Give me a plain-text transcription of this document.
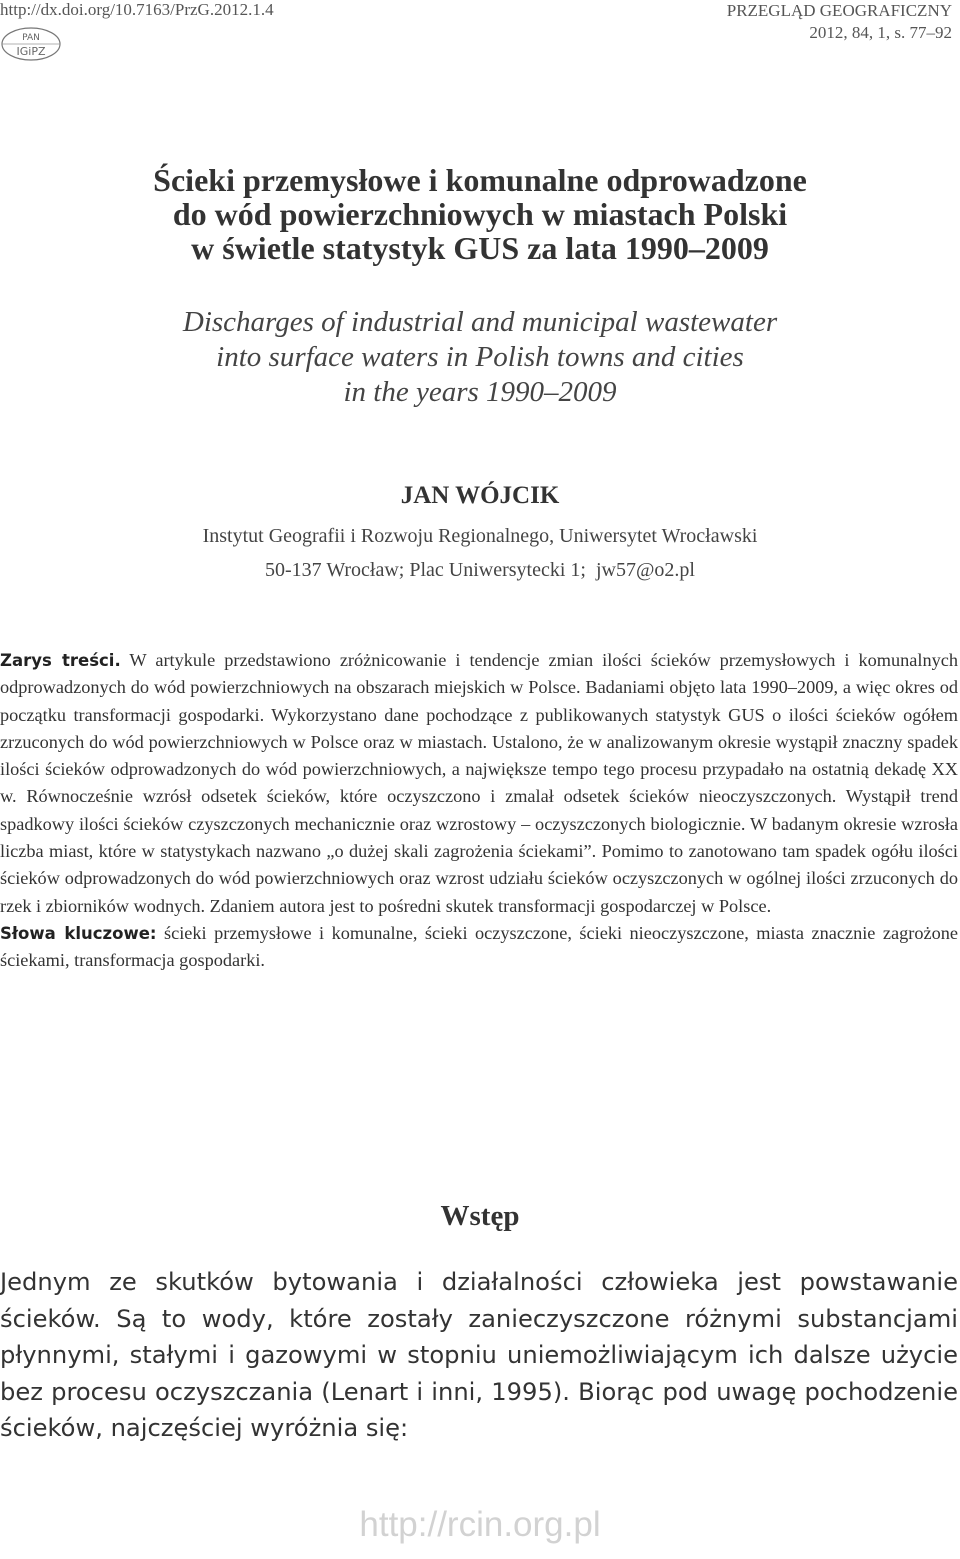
http://dx.doi.org/10.7163/PrzG.2012.1.4	PRZEGLĄD GEOGRAFICZNY
2012, 84, 1, s. 77–92
PAN
IGiPZ
Ścieki przemysłowe i komunalne odprowadzone
do wód powierzchniowych w miastach Polski
w świetle statystyk GUS za lata 1990–2009
Discharges of industrial and municipal wastewater
into surface waters in Polish towns and cities
in the years 1990–2009
JAN WÓJCIK
Instytut Geografii i Rozwoju Regionalnego, Uniwersytet Wrocławski
50-137 Wrocław; Plac Uniwersytecki 1; jw57@o2.pl

Zarys treści. W artykule przedstawiono zróżnicowanie i tendencje zmian ilości ścieków przemysłowych i komunalnych odprowadzonych do wód powierzchniowych na obszarach miejskich w Polsce. Badaniami objęto lata 1990–2009, a więc okres od początku transformacji gospodarki. Wykorzystano dane pochodzące z publikowanych statystyk GUS o ilości ścieków ogółem zrzuconych do wód powierzchniowych w Polsce oraz w miastach. Ustalono, że w analizowanym okresie wystąpił znaczny spadek ilości ścieków odprowadzonych do wód powierzchniowych, a największe tempo tego procesu przypadało na ostatnią dekadę XX w. Równocześnie wzrósł odsetek ścieków, które oczyszczono i zmalał odsetek ścieków nieoczyszczonych. Wystąpił trend spadkowy ilości ścieków czyszczonych mechanicznie oraz wzrostowy – oczyszczonych biologicznie. W badanym okresie wzrosła liczba miast, które w statystykach nazwano „o dużej skali zagrożenia ściekami”. Pomimo to zanotowano tam spadek ogółu ilości ścieków odprowadzonych do wód powierzchniowych oraz wzrost udziału ścieków oczyszczonych w ogólnej ilości zrzuconych do rzek i zbiorników wodnych. Zdaniem autora jest to pośredni skutek transformacji gospodarczej w Polsce.

Słowa kluczowe: ścieki przemysłowe i komunalne, ścieki oczyszczone, ścieki nieoczyszczone, miasta znacznie zagrożone ściekami, transformacja gospodarki.

Wstęp
Jednym ze skutków bytowania i działalności człowieka jest powstawanie ścieków. Są to wody, które zostały zanieczyszczone różnymi substancjami płynnymi, stałymi i gazowymi w stopniu uniemożliwiającym ich dalsze użycie bez procesu oczyszczania (Lenart i inni, 1995). Biorąc pod uwagę pochodzenie ścieków, najczęściej wyróżnia się:
http://rcin.org.pl
